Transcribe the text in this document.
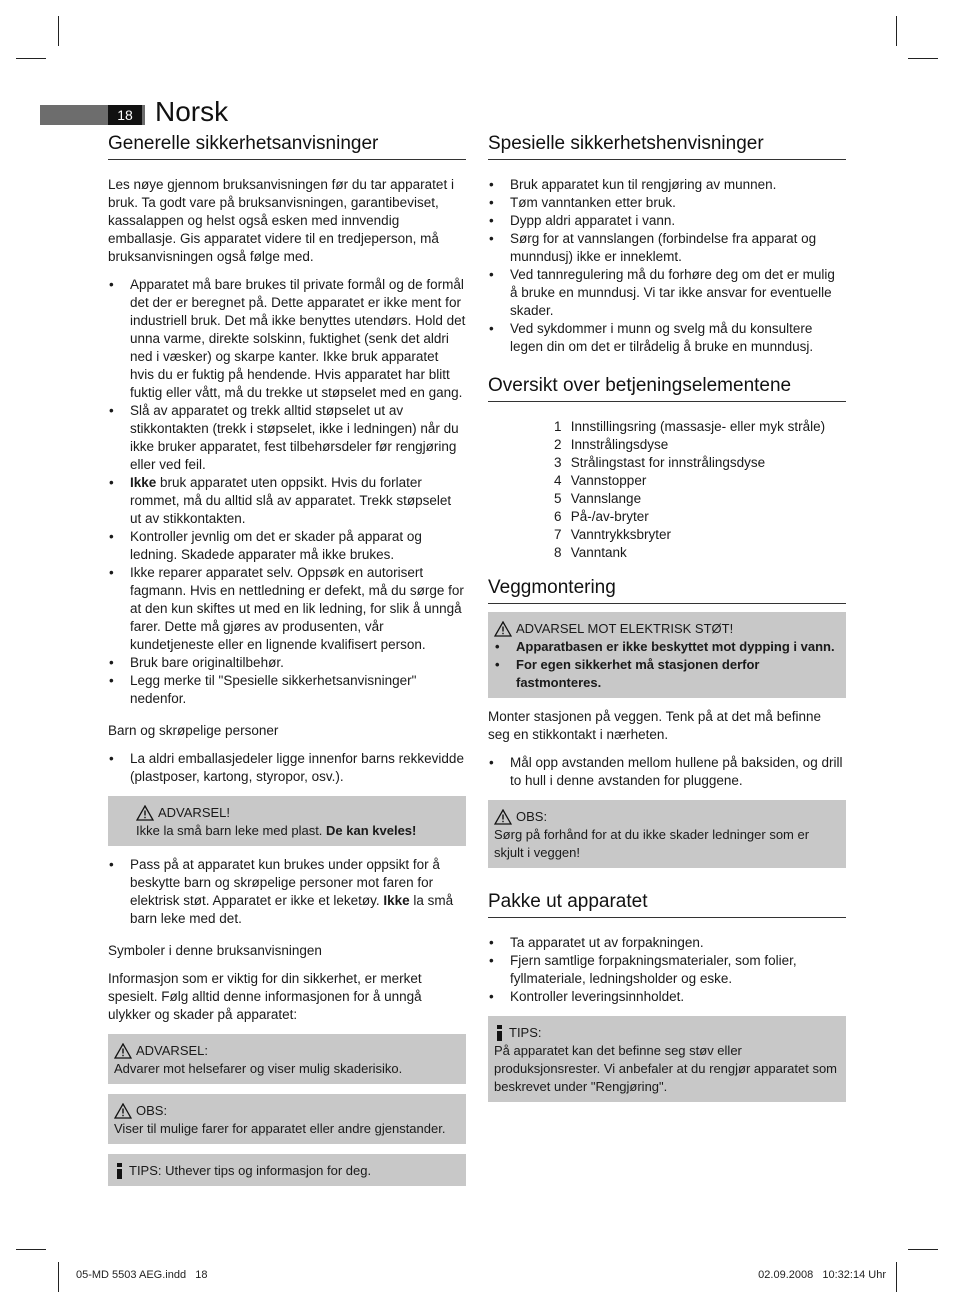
18 Norsk
Generelle sikkerhetsanvisninger

Les nøye gjennom bruksanvisningen før du tar apparatet i bruk. Ta godt vare på bruksanvisningen, garantibeviset, kassalappen og helst også esken med innvendig emballasje. Gis apparatet videre til en tredjeperson, må bruksanvisningen også følge med.

• Apparatet må bare brukes til private formål og de formål det der er beregnet på. Dette apparatet er ikke ment for industriell bruk. Det må ikke benyttes utendørs. Hold det unna varme, direkte solskinn, fuktighet (senk det aldri ned i væsker) og skarpe kanter. Ikke bruk apparatet hvis du er fuktig på hendende. Hvis apparatet har blitt fuktig eller vått, må du trekke ut støpselet med en gang.
• Slå av apparatet og trekk alltid støpselet ut av stikkontakten (trekk i støpselet, ikke i ledningen) når du ikke bruker apparatet, fest tilbehørsdeler før rengjøring eller ved feil.
• Ikke bruk apparatet uten oppsikt. Hvis du forlater rommet, må du alltid slå av apparatet. Trekk støpselet ut av stikkontakten.
• Kontroller jevnlig om det er skader på apparat og ledning. Skadede apparater må ikke brukes.
• Ikke reparer apparatet selv. Oppsøk en autorisert fagmann. Hvis en nettledning er defekt, må du sørge for at den kun skiftes ut med en lik ledning, for slik å unngå farer. Dette må gjøres av produsenten, vår kundetjeneste eller en lignende kvalifisert person.
• Bruk bare originaltilbehør.
• Legg merke til "Spesielle sikkerhetsanvisninger" nedenfor.
Barn og skrøpelige personer
• La aldri emballasjedeler ligge innenfor barns rekkevidde (plastposer, kartong, styropor, osv.).
ADVARSEL!
Ikke la små barn leke med plast. De kan kveles!
• Pass på at apparatet kun brukes under oppsikt for å beskytte barn og skrøpelige personer mot faren for elektrisk støt. Apparatet er ikke et leketøy. Ikke la små barn leke med det.
Symboler i denne bruksanvisningen

Informasjon som er viktig for din sikkerhet, er merket spesielt. Følg alltid denne informasjonen for å unngå ulykker og skader på apparatet:

ADVARSEL:
Advarer mot helsefarer og viser mulig skaderisiko.
OBS:
Viser til mulige farer for apparatet eller andre gjenstander.
TIPS: Uthever tips og informasjon for deg.
Spesielle sikkerhetshenvisninger
• Bruk apparatet kun til rengjøring av munnen.
• Tøm vanntanken etter bruk.
• Dypp aldri apparatet i vann.
• Sørg for at vannslangen (forbindelse fra apparat og munndusj) ikke er inneklemt.
• Ved tannregulering må du forhøre deg om det er mulig å bruke en munndusj. Vi tar ikke ansvar for eventuelle skader.
• Ved sykdommer i munn og svelg må du konsultere legen din om det er tilrådelig å bruke en munndusj.
Oversikt over betjeningselementene
1 Innstillingsring (massasje- eller myk stråle)
2 Innstrålingsdyse
3 Strålingstast for innstrålingsdyse
4 Vannstopper
5 Vannslange
6 På-/av-bryter
7 Vanntrykksbryter
8 Vanntank
Veggmontering
ADVARSEL MOT ELEKTRISK STØT!
• Apparatbasen er ikke beskyttet mot dypping i vann.
• For egen sikkerhet må stasjonen derfor fastmonteres.

Monter stasjonen på veggen. Tenk på at det må befinne seg en stikkontakt i nærheten.

• Mål opp avstanden mellom hullene på baksiden, og drill to hull i denne avstanden for pluggene.
OBS:
Sørg på forhånd for at du ikke skader ledninger som er skjult i veggen!
Pakke ut apparatet
• Ta apparatet ut av forpakningen.
• Fjern samtlige forpakningsmaterialer, som folier, fyllmateriale, ledningsholder og eske.
• Kontroller leveringsinnholdet.
TIPS:
På apparatet kan det befinne seg støv eller produksjonsrester. Vi anbefaler at du rengjør apparatet som beskrevet under "Rengjøring".
05-MD 5503 AEG.indd   18	02.09.2008   10:32:14 Uhr
